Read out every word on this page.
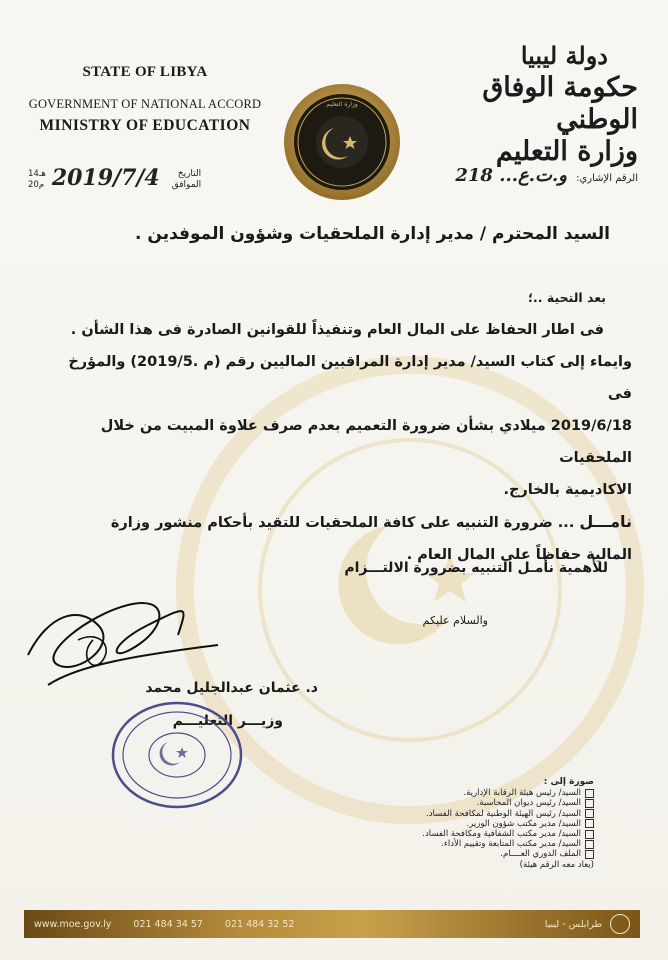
STATE OF LIBYA
GOVERNMENT OF NATIONAL ACCORD
MINISTRY OF EDUCATION
دولة ليبيا
حكومة الوفاق الوطني
وزارة التعليم
وزارة التعليم
14هـ
20م 2019/7/4	التاريخ
الموافق
الرقم الإشاري: و.ت.ع... 218
السيد المحترم / مدير إدارة الملحقيات وشؤون الموفدين .
بعد التحية ..؛

فى اطار الحفاظ على المال العام وتنفيذاً للقوانين الصادرة فى هذا الشأن .

وايماء إلى كتاب السيد/ مدير إدارة المراقبين الماليين رقم (م .2019/5) والمؤرخ فى

2019/6/18 ميلادي بشأن ضرورة التعميم بعدم صرف علاوة المبيت من خلال الملحقيات

الاكاديمية بالخارج.

نامـــل ... ضرورة التنبيه على كافة الملحقيات للتقيد بأحكام منشور وزارة

المالية حفاظاً على المال العام .

للأهمية نأمـل التنبيه بضرورة الالتـــزام
والسلام عليكم
د. عثمان عبدالجليل محمد
وزيـــر التعليـــم
صورة إلى :
السيد/ رئيس هيئة الرقابة الإدارية.
السيد/ رئيس ديوان المحاسبة.
السيد/ رئيس الهيئة الوطنية لمكافحة الفساد.
السيد/ مدير مكتب شؤون الوزير.
السيد/ مدير مكتب الشفافية ومكافحة الفساد.
السيد/ مدير مكتب المتابعة وتقييم الأداء.
الملف الدوري العــــام.
(يعاد معه الرقم هيئة)
www.moe.gov.ly 021 484 34 57 021 484 32 52	طرابلس - ليبيا
